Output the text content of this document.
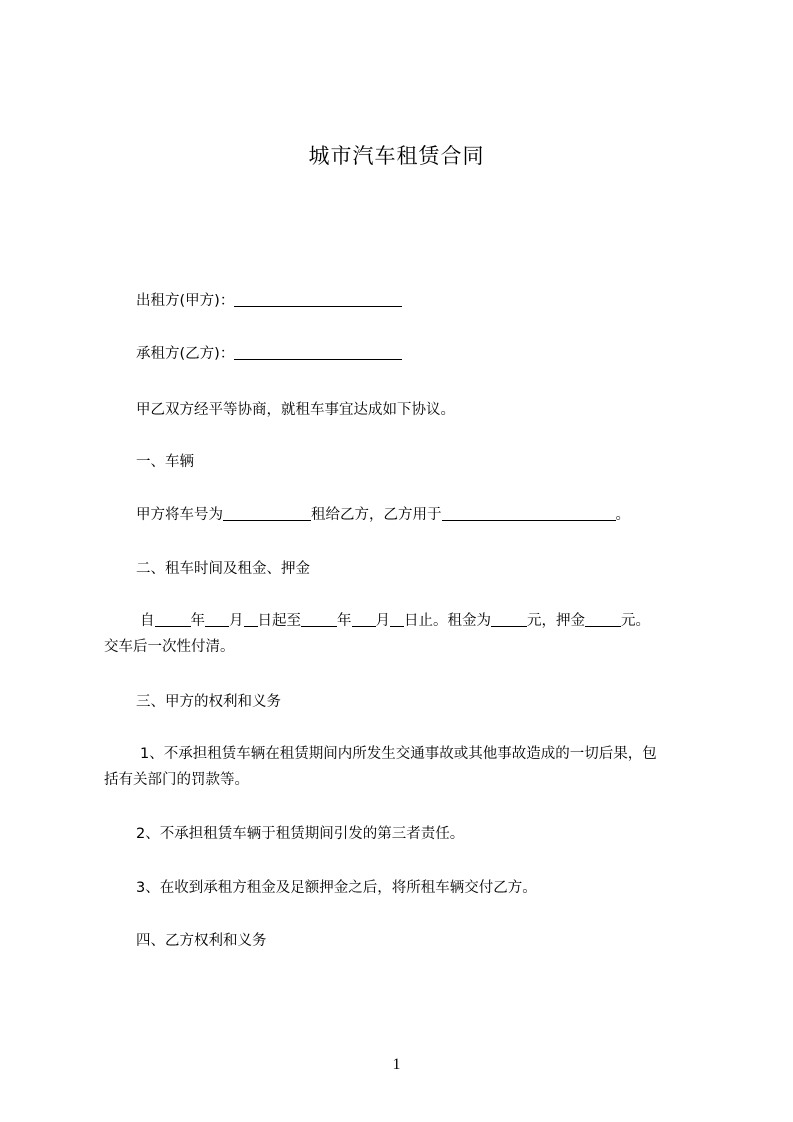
城市汽车租赁合同
出租方(甲方)：
承租方(乙方)：
甲乙双方经平等协商，就租车事宜达成如下协议。
一、车辆
甲方将车号为	租给乙方，乙方用于	。
二、租车时间及租金、押金
自 年 月 日起至 年 月 日止。租金为 元，押金 元。
交车后一次性付清。
三、甲方的权利和义务
1、不承担租赁车辆在租赁期间内所发生交通事故或其他事故造成的一切后果，包
括有关部门的罚款等。
2、不承担租赁车辆于租赁期间引发的第三者责任。
3、在收到承租方租金及足额押金之后，将所租车辆交付乙方。
四、乙方权利和义务
1
